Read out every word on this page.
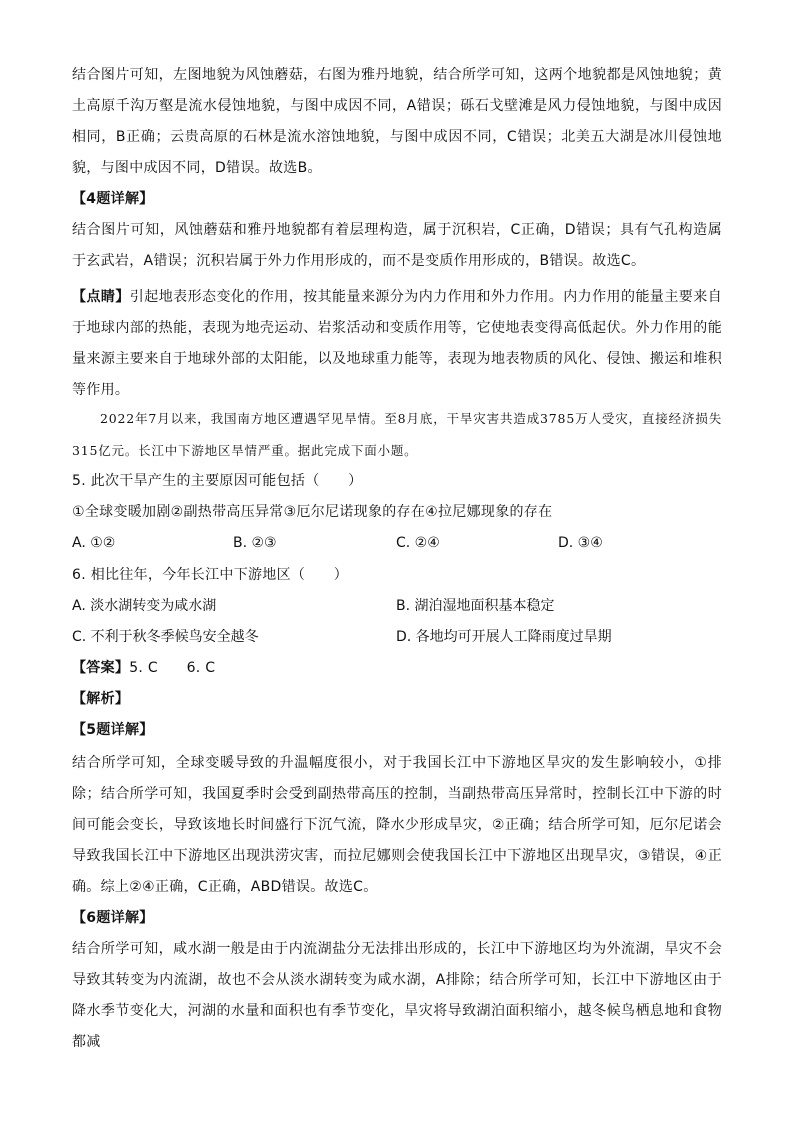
结合图片可知，左图地貌为风蚀蘑菇，右图为雅丹地貌，结合所学可知，这两个地貌都是风蚀地貌；黄土高原千沟万壑是流水侵蚀地貌，与图中成因不同，A错误；砾石戈壁滩是风力侵蚀地貌，与图中成因相同，B正确；云贵高原的石林是流水溶蚀地貌，与图中成因不同，C错误；北美五大湖是冰川侵蚀地貌，与图中成因不同，D错误。故选B。
【4题详解】
结合图片可知，风蚀蘑菇和雅丹地貌都有着层理构造，属于沉积岩，C正确，D错误；具有气孔构造属于玄武岩，A错误；沉积岩属于外力作用形成的，而不是变质作用形成的，B错误。故选C。
【点睛】引起地表形态变化的作用，按其能量来源分为内力作用和外力作用。内力作用的能量主要来自于地球内部的热能，表现为地壳运动、岩浆活动和变质作用等，它使地表变得高低起伏。外力作用的能量来源主要来自于地球外部的太阳能，以及地球重力能等，表现为地表物质的风化、侵蚀、搬运和堆积等作用。
2022年7月以来，我国南方地区遭遇罕见旱情。至8月底，干旱灾害共造成3785万人受灾，直接经济损失315亿元。长江中下游地区旱情严重。据此完成下面小题。
5. 此次干旱产生的主要原因可能包括（　　）
①全球变暖加剧②副热带高压异常③厄尔尼诺现象的存在④拉尼娜现象的存在
A. ①②	B. ②③	C. ②④	D. ③④
6. 相比往年，今年长江中下游地区（　　）
A. 淡水湖转变为咸水湖	B. 湖泊湿地面积基本稳定
C. 不利于秋冬季候鸟安全越冬	D. 各地均可开展人工降雨度过旱期
【答案】5. C　　6. C
【解析】
【5题详解】
结合所学可知，全球变暖导致的升温幅度很小，对于我国长江中下游地区旱灾的发生影响较小，①排除；结合所学可知，我国夏季时会受到副热带高压的控制，当副热带高压异常时，控制长江中下游的时间可能会变长，导致该地长时间盛行下沉气流，降水少形成旱灾，②正确；结合所学可知，厄尔尼诺会导致我国长江中下游地区出现洪涝灾害，而拉尼娜则会使我国长江中下游地区出现旱灾，③错误，④正确。综上②④正确，C正确，ABD错误。故选C。
【6题详解】
结合所学可知，咸水湖一般是由于内流湖盐分无法排出形成的，长江中下游地区均为外流湖，旱灾不会导致其转变为内流湖，故也不会从淡水湖转变为咸水湖，A排除；结合所学可知，长江中下游地区由于降水季节变化大，河湖的水量和面积也有季节变化，旱灾将导致湖泊面积缩小，越冬候鸟栖息地和食物都减
